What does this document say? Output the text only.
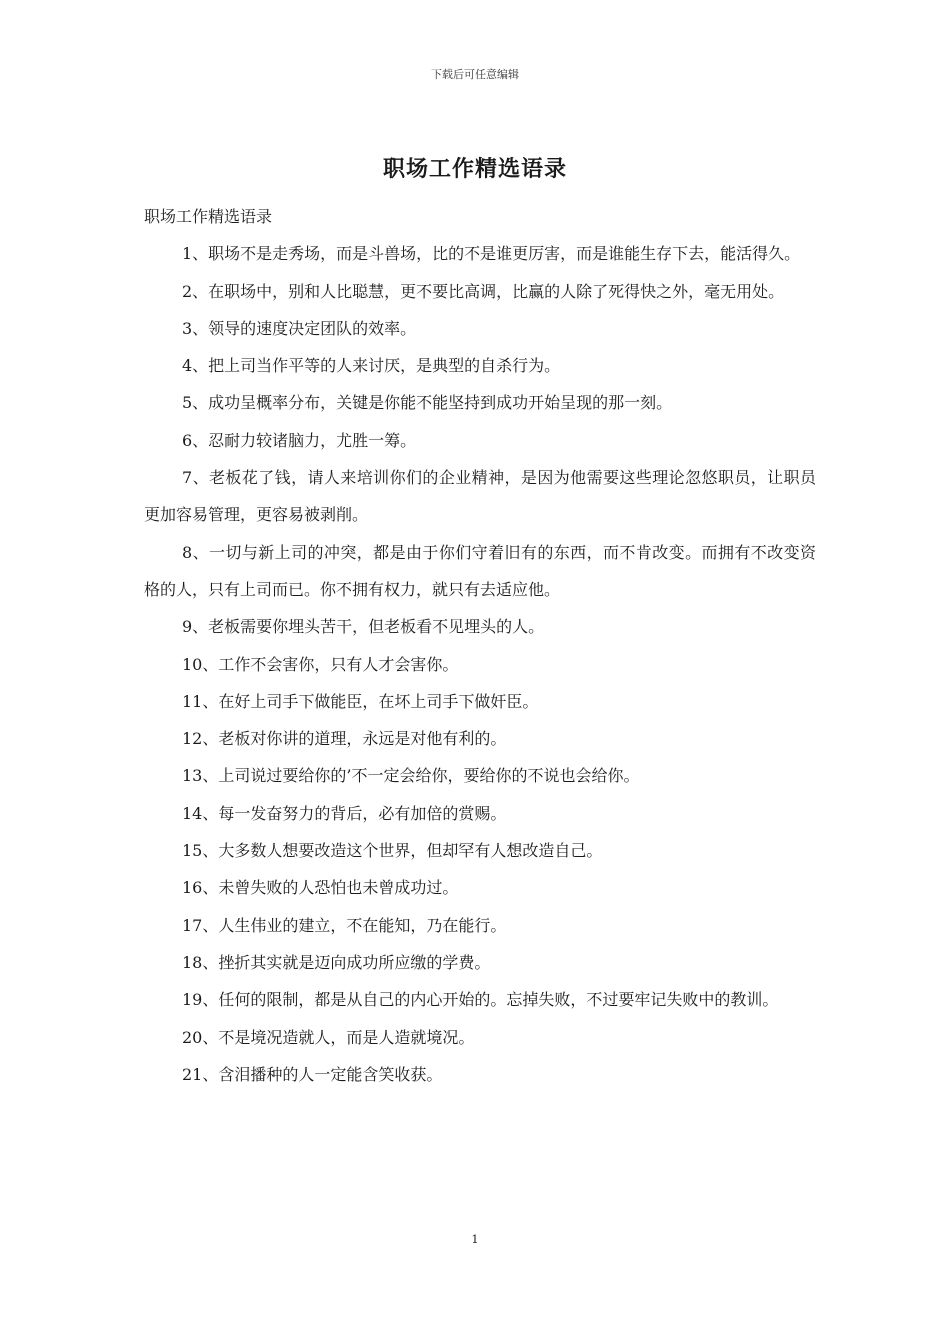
下载后可任意编辑
职场工作精选语录

职场工作精选语录

1、职场不是走秀场，而是斗兽场，比的不是谁更厉害，而是谁能生存下去，能活得久。

2、在职场中，别和人比聪慧，更不要比高调，比赢的人除了死得快之外，毫无用处。

3、领导的速度决定团队的效率。

4、把上司当作平等的人来讨厌，是典型的自杀行为。

5、成功呈概率分布，关键是你能不能坚持到成功开始呈现的那一刻。

6、忍耐力较诸脑力，尤胜一筹。

7、老板花了钱，请人来培训你们的企业精神，是因为他需要这些理论忽悠职员，让职员更加容易管理，更容易被剥削。

8、一切与新上司的冲突，都是由于你们守着旧有的东西，而不肯改变。而拥有不改变资格的人，只有上司而已。你不拥有权力，就只有去适应他。

9、老板需要你埋头苦干，但老板看不见埋头的人。

10、工作不会害你，只有人才会害你。

11、在好上司手下做能臣，在坏上司手下做奸臣。

12、老板对你讲的道理，永远是对他有利的。

13、上司说过要给你的’不一定会给你，要给你的不说也会给你。

14、每一发奋努力的背后，必有加倍的赏赐。

15、大多数人想要改造这个世界，但却罕有人想改造自己。

16、未曾失败的人恐怕也未曾成功过。

17、人生伟业的建立，不在能知，乃在能行。

18、挫折其实就是迈向成功所应缴的学费。

19、任何的限制，都是从自己的内心开始的。忘掉失败，不过要牢记失败中的教训。

20、不是境况造就人，而是人造就境况。

21、含泪播种的人一定能含笑收获。

1
